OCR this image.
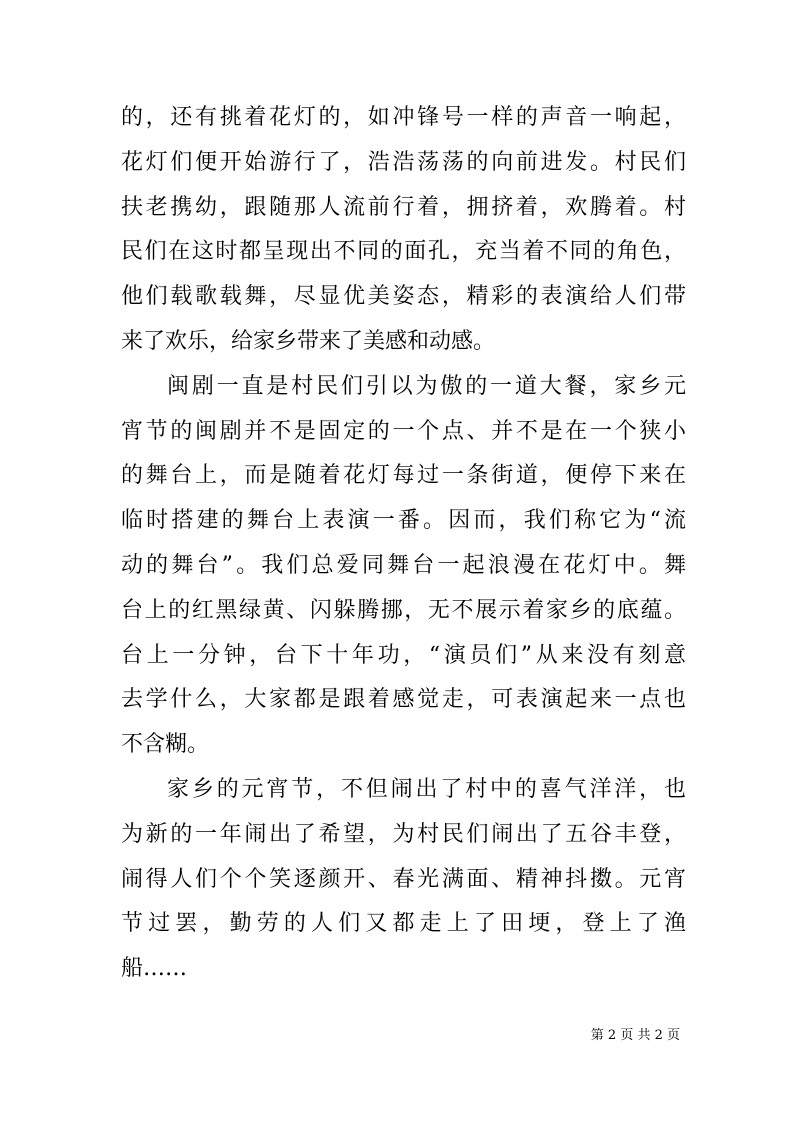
的，还有挑着花灯的，如冲锋号一样的声音一响起，
花灯们便开始游行了，浩浩荡荡的向前进发。村民们
扶老携幼，跟随那人流前行着，拥挤着，欢腾着。村
民们在这时都呈现出不同的面孔，充当着不同的角色，
他们载歌载舞，尽显优美姿态，精彩的表演给人们带
来了欢乐，给家乡带来了美感和动感。
闽剧一直是村民们引以为傲的一道大餐，家乡元
宵节的闽剧并不是固定的一个点、并不是在一个狭小
的舞台上，而是随着花灯每过一条街道，便停下来在
临时搭建的舞台上表演一番。因而，我们称它为“流
动的舞台”。我们总爱同舞台一起浪漫在花灯中。舞
台上的红黑绿黄、闪躲腾挪，无不展示着家乡的底蕴。
台上一分钟，台下十年功，“演员们”从来没有刻意
去学什么，大家都是跟着感觉走，可表演起来一点也
不含糊。
家乡的元宵节，不但闹出了村中的喜气洋洋，也
为新的一年闹出了希望，为村民们闹出了五谷丰登，
闹得人们个个笑逐颜开、春光满面、精神抖擞。元宵
节过罢，勤劳的人们又都走上了田埂，登上了渔
船……
第 2 页 共 2 页
